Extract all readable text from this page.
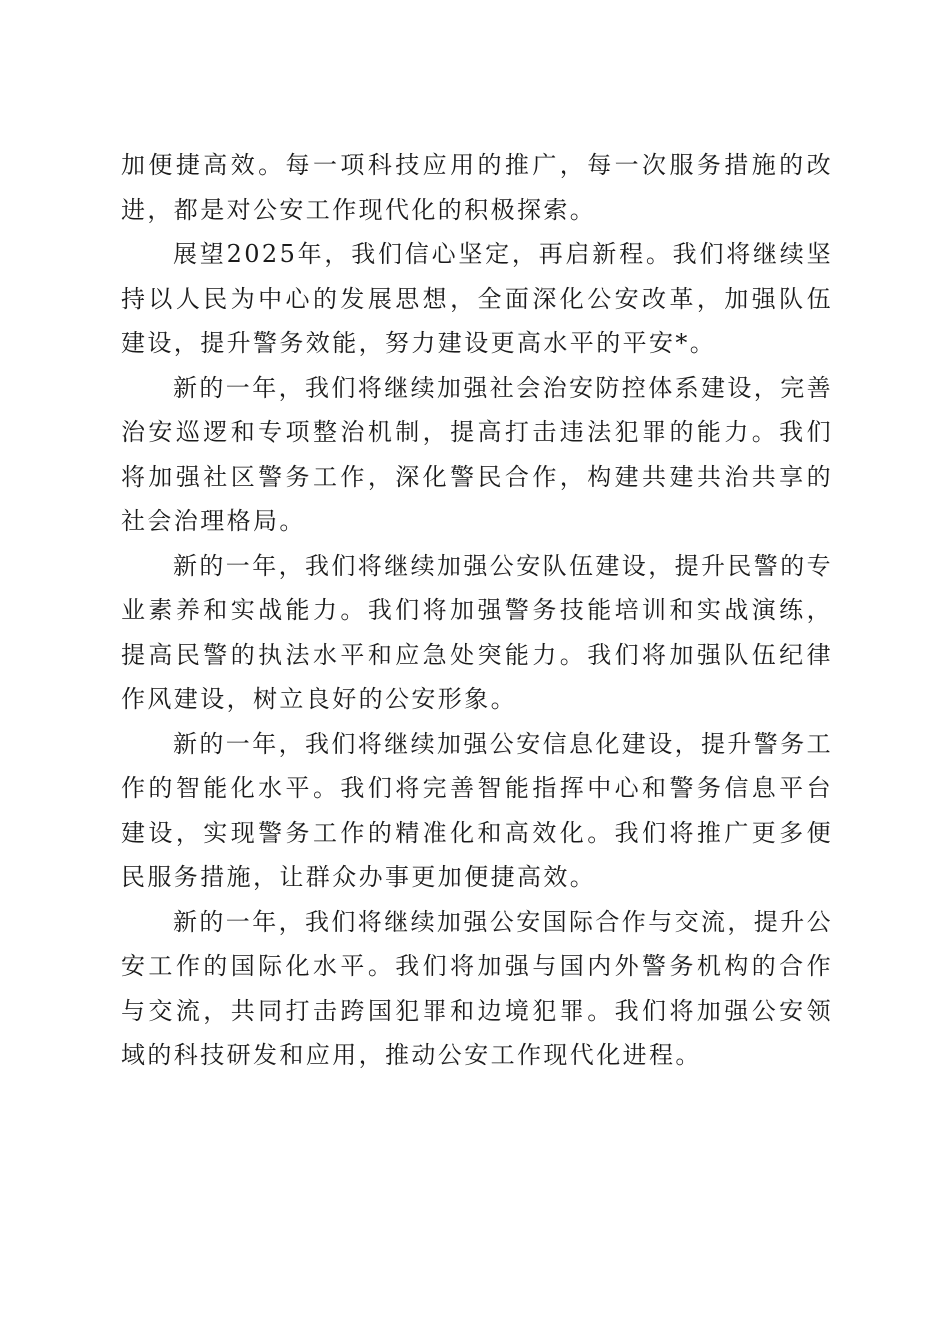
加便捷高效。每一项科技应用的推广，每一次服务措施的改进，都是对公安工作现代化的积极探索。

展望2025年，我们信心坚定，再启新程。我们将继续坚持以人民为中心的发展思想，全面深化公安改革，加强队伍建设，提升警务效能，努力建设更高水平的平安*。

新的一年，我们将继续加强社会治安防控体系建设，完善治安巡逻和专项整治机制，提高打击违法犯罪的能力。我们将加强社区警务工作，深化警民合作，构建共建共治共享的社会治理格局。

新的一年，我们将继续加强公安队伍建设，提升民警的专业素养和实战能力。我们将加强警务技能培训和实战演练，提高民警的执法水平和应急处突能力。我们将加强队伍纪律作风建设，树立良好的公安形象。

新的一年，我们将继续加强公安信息化建设，提升警务工作的智能化水平。我们将完善智能指挥中心和警务信息平台建设，实现警务工作的精准化和高效化。我们将推广更多便民服务措施，让群众办事更加便捷高效。

新的一年，我们将继续加强公安国际合作与交流，提升公安工作的国际化水平。我们将加强与国内外警务机构的合作与交流，共同打击跨国犯罪和边境犯罪。我们将加强公安领域的科技研发和应用，推动公安工作现代化进程。
